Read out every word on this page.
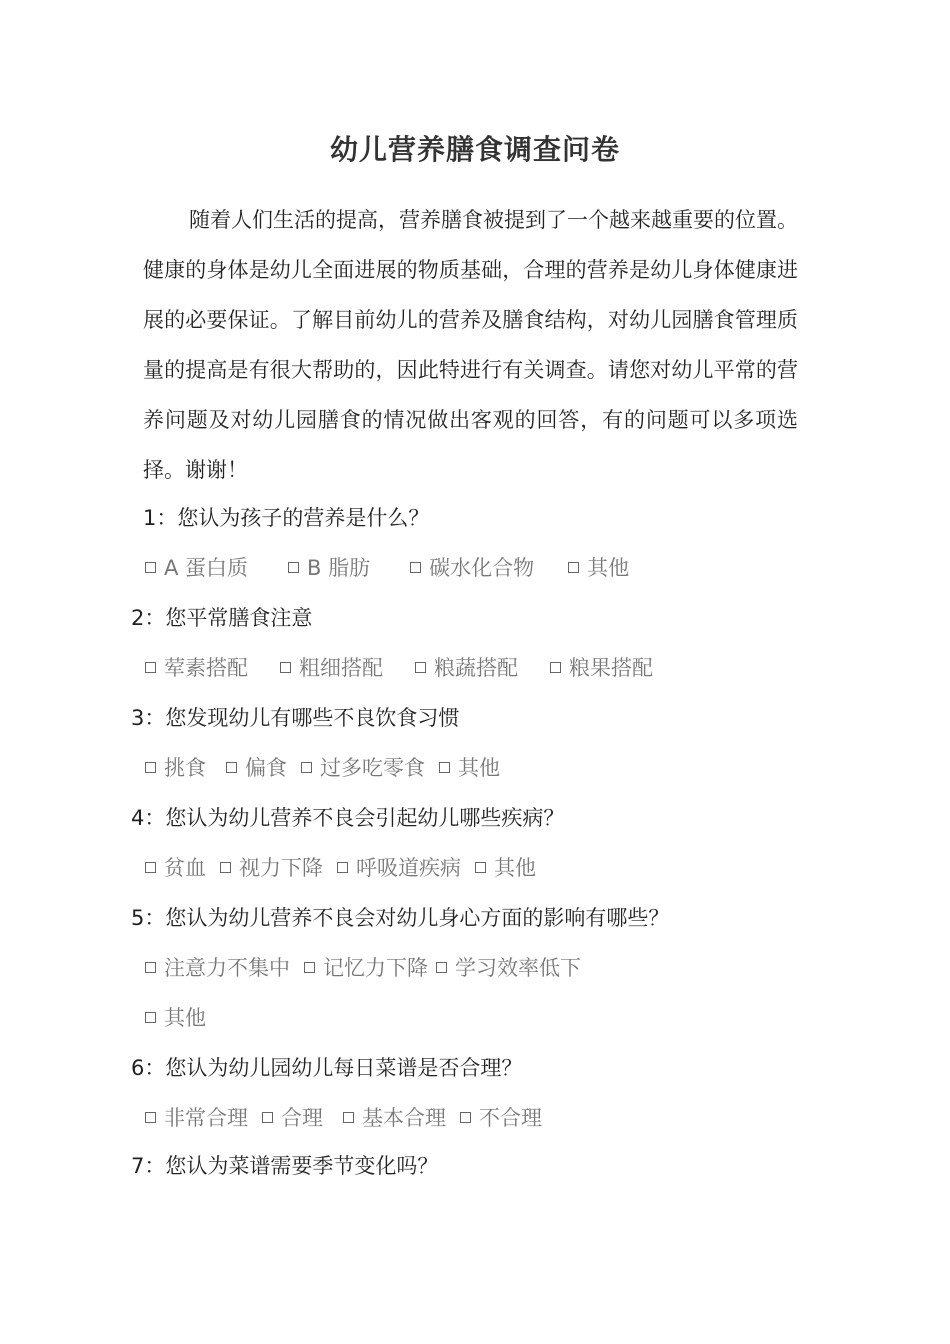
幼儿营养膳食调查问卷

随着人们生活的提高，营养膳食被提到了一个越来越重要的位置。健康的身体是幼儿全面进展的物质基础，合理的营养是幼儿身体健康进展的必要保证。了解目前幼儿的营养及膳食结构，对幼儿园膳食管理质量的提高是有很大帮助的，因此特进行有关调查。请您对幼儿平常的营养问题及对幼儿园膳食的情况做出客观的回答，有的问题可以多项选择。谢谢！

1：您认为孩子的营养是什么？
A 蛋白质	B 脂肪	碳水化合物	其他
2：您平常膳食注意
荤素搭配 粗细搭配 粮蔬搭配 粮果搭配
3：您发现幼儿有哪些不良饮食习惯
挑食 偏食 过多吃零食 其他
4：您认为幼儿营养不良会引起幼儿哪些疾病？
贫血 视力下降 呼吸道疾病 其他
5：您认为幼儿营养不良会对幼儿身心方面的影响有哪些？
注意力不集中 记忆力下降 学习效率低下
其他
6：您认为幼儿园幼儿每日菜谱是否合理？
非常合理 合理 基本合理 不合理
7：您认为菜谱需要季节变化吗？
